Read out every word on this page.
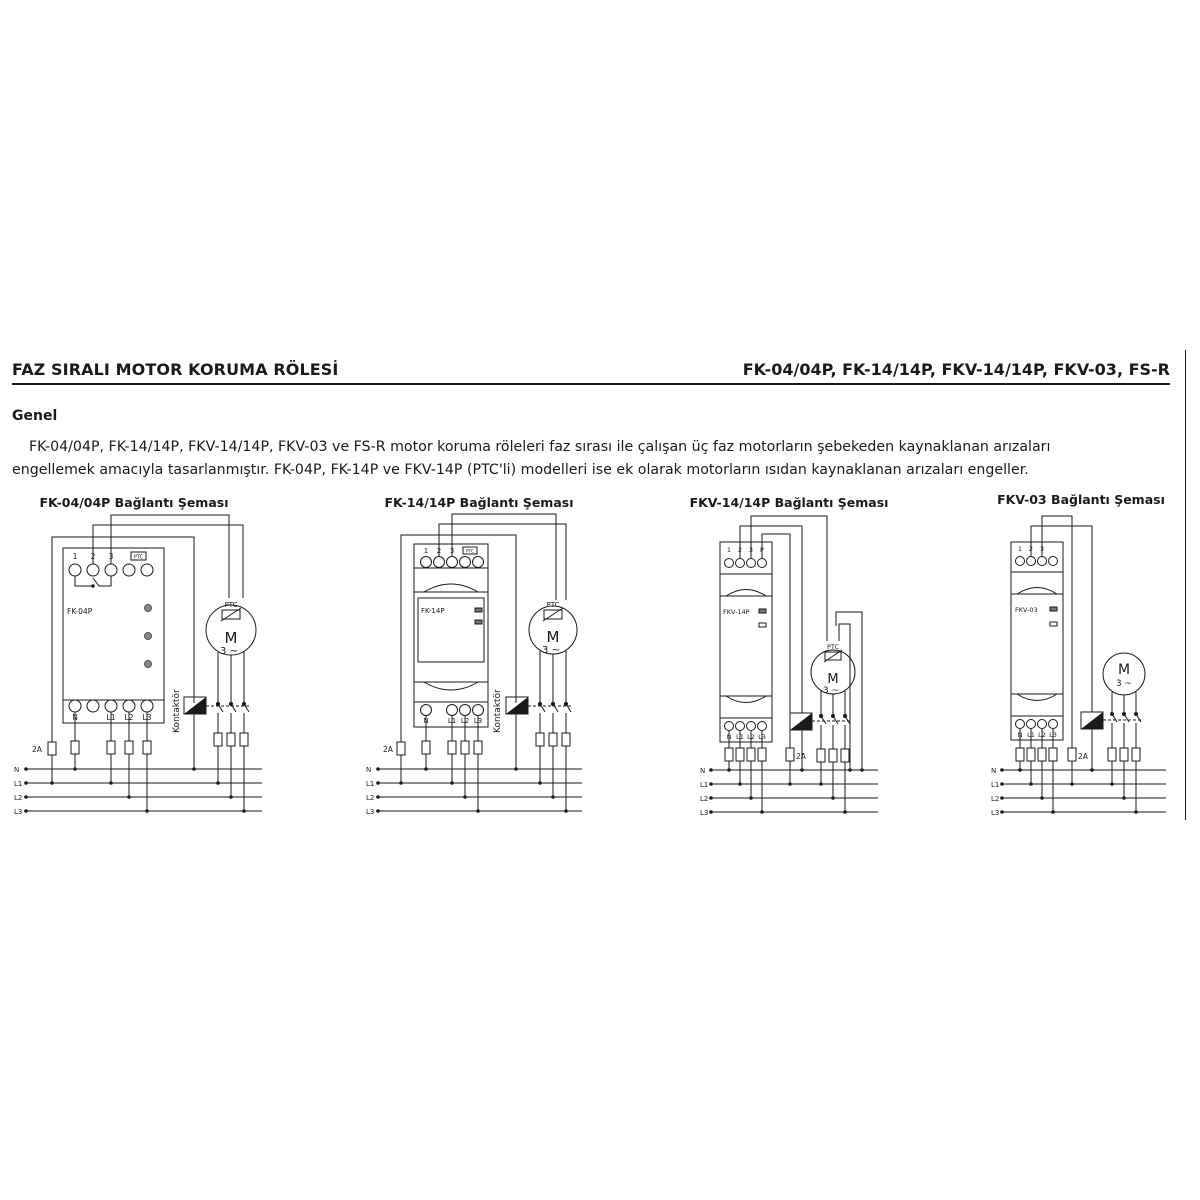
FAZ SIRALI MOTOR KORUMA RÖLESİ	FK-04/04P, FK-14/14P, FKV-14/14P, FKV-03, FS-R
Genel
FK-04/04P, FK-14/14P, FKV-14/14P, FKV-03 ve FS-R motor koruma röleleri faz sırası ile çalışan üç faz motorların şebekeden kaynaklanan arızaları
engellemek amacıyla tasarlanmıştır. FK-04P, FK-14P ve FKV-14P (PTC'li) modelleri ise ek olarak motorların ısıdan kaynaklanan arızaları engeller.
FK-04/04P Bağlantı Şeması
1 2 3	PTC
FK-04P
N	L1 L2 L3
PTC
M
3 ~
Kontaktör
2A
N
L1
L2
L3
FK-14/14P Bağlantı Şeması
1 2 3	PTC
FK-14P
N	L1 L2 L3
PTC
M
3 ~
Kontaktör
2A
N
L1
L2
L3
FKV-14/14P Bağlantı Şeması
1 2 3 P
FKV-14P
N L1 L2 L3
PTC
M
3 ~
2A
N
L1
L2
L3
FKV-03 Bağlantı Şeması
1 2 3
FKV-03
N L1 L2 L3
M
3 ~
2A
N
L1
L2
L3
